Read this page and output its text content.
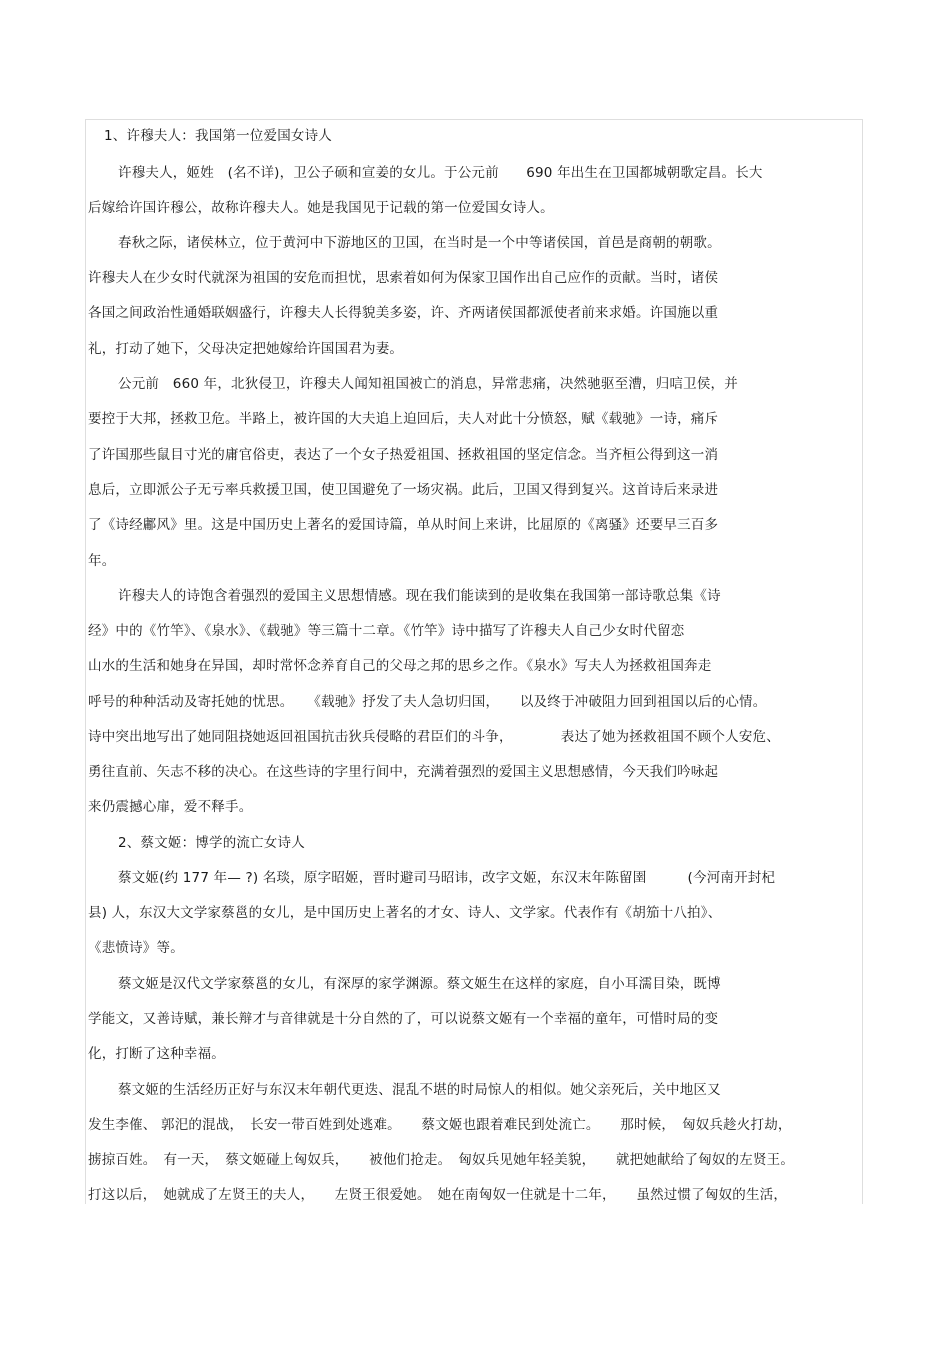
1、许穆夫人：我国第一位爱国女诗人
许穆夫人，姬姓　(名不详)，卫公子硕和宣姜的女儿。于公元前　　690 年出生在卫国都城朝歌定昌。长大
后嫁给许国许穆公，故称许穆夫人。她是我国见于记载的第一位爱国女诗人。
春秋之际，诸侯林立，位于黄河中下游地区的卫国，在当时是一个中等诸侯国，首邑是商朝的朝歌。
许穆夫人在少女时代就深为祖国的安危而担忧，思索着如何为保家卫国作出自己应作的贡献。当时，诸侯
各国之间政治性通婚联姻盛行，许穆夫人长得貌美多姿，许、齐两诸侯国都派使者前来求婚。许国施以重
礼，打动了她下，父母决定把她嫁给许国国君为妻。
公元前　660 年，北狄侵卫，许穆夫人闻知祖国被亡的消息，异常悲痛，决然驰驱至漕，归唁卫侯，并
要控于大邦，拯救卫危。半路上，被许国的大夫追上迫回后，夫人对此十分愤怒，赋《载驰》一诗，痛斥
了许国那些鼠目寸光的庸官俗吏，表达了一个女子热爱祖国、拯救祖国的坚定信念。当齐桓公得到这一消
息后，立即派公子无亏率兵救援卫国，使卫国避免了一场灾祸。此后，卫国又得到复兴。这首诗后来录进
了《诗经鄘风》里。这是中国历史上著名的爱国诗篇，单从时间上来讲，比屈原的《离骚》还要早三百多
年。
许穆夫人的诗饱含着强烈的爱国主义思想情感。现在我们能读到的是收集在我国第一部诗歌总集《诗
经》中的《竹竿》、《泉水》、《载驰》等三篇十二章。《竹竿》诗中描写了许穆夫人自己少女时代留恋
山水的生活和她身在异国，却时常怀念养育自己的父母之邦的思乡之作。《泉水》写夫人为拯救祖国奔走
呼号的种种活动及寄托她的忧思。　　《载驰》抒发了夫人急切归国，　　以及终于冲破阻力回到祖国以后的心情。
诗中突出地写出了她同阻挠她返回祖国抗击狄兵侵略的君臣们的斗争，　　　　表达了她为拯救祖国不顾个人安危、
勇往直前、矢志不移的决心。在这些诗的字里行间中，充满着强烈的爱国主义思想感情，今天我们吟咏起
来仍震撼心扉，爱不释手。
2、蔡文姬：博学的流亡女诗人
蔡文姬(约 177 年— ?) 名琰，原字昭姬，晋时避司马昭讳，改字文姬，东汉末年陈留圉　　　(今河南开封杞
县) 人，东汉大文学家蔡邕的女儿，是中国历史上著名的才女、诗人、文学家。代表作有《胡笳十八拍》、
《悲愤诗》等。
蔡文姬是汉代文学家蔡邕的女儿，有深厚的家学渊源。蔡文姬生在这样的家庭，自小耳濡目染，既博
学能文，又善诗赋，兼长辩才与音律就是十分自然的了，可以说蔡文姬有一个幸福的童年，可惜时局的变
化，打断了这种幸福。
蔡文姬的生活经历正好与东汉末年朝代更迭、混乱不堪的时局惊人的相似。她父亲死后，关中地区又
发生李傕、 郭汜的混战，　长安一带百姓到处逃难。　　蔡文姬也跟着难民到处流亡。　　那时候，　匈奴兵趁火打劫，
掳掠百姓。　有一天，　蔡文姬碰上匈奴兵，　　被他们抢走。　匈奴兵见她年轻美貌，　　就把她献给了匈奴的左贤王。
打这以后，　她就成了左贤王的夫人，　　左贤王很爱她。　她在南匈奴一住就是十二年，　　虽然过惯了匈奴的生活，
